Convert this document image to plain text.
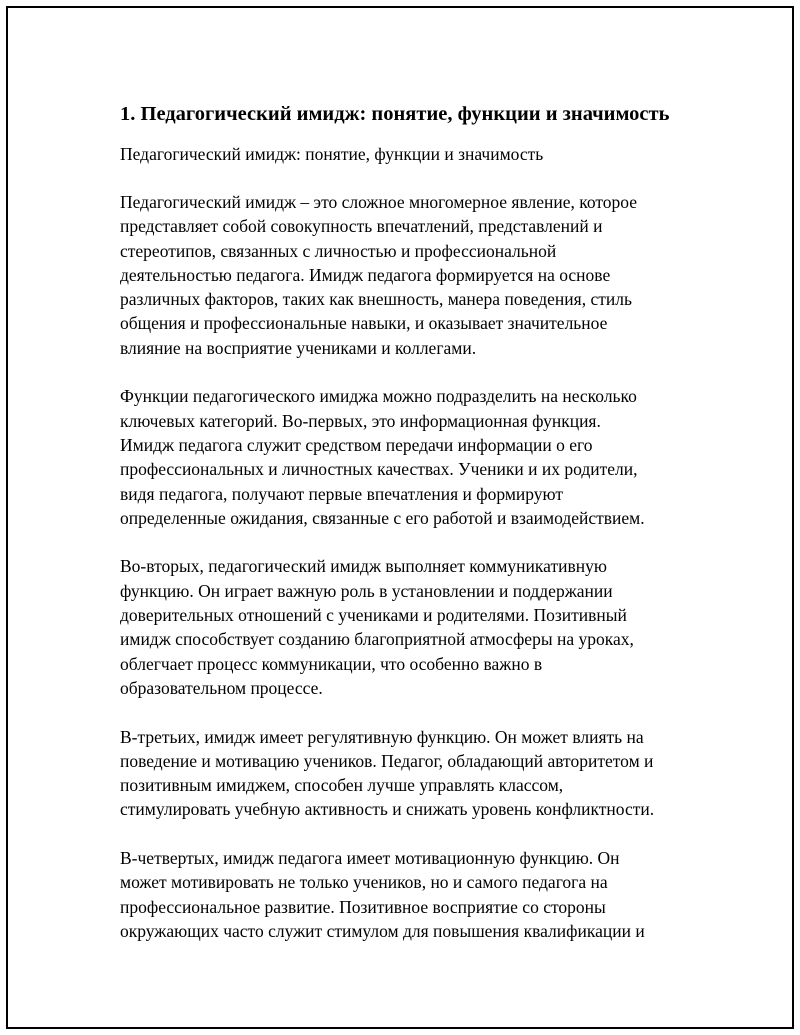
1. Педагогический имидж: понятие, функции и значимость
Педагогический имидж: понятие, функции и значимость
Педагогический имидж – это сложное многомерное явление, которое
представляет собой совокупность впечатлений, представлений и
стереотипов, связанных с личностью и профессиональной
деятельностью педагога. Имидж педагога формируется на основе
различных факторов, таких как внешность, манера поведения, стиль
общения и профессиональные навыки, и оказывает значительное
влияние на восприятие учениками и коллегами.
Функции педагогического имиджа можно подразделить на несколько
ключевых категорий. Во-первых, это информационная функция.
Имидж педагога служит средством передачи информации о его
профессиональных и личностных качествах. Ученики и их родители,
видя педагога, получают первые впечатления и формируют
определенные ожидания, связанные с его работой и взаимодействием.
Во-вторых, педагогический имидж выполняет коммуникативную
функцию. Он играет важную роль в установлении и поддержании
доверительных отношений с учениками и родителями. Позитивный
имидж способствует созданию благоприятной атмосферы на уроках,
облегчает процесс коммуникации, что особенно важно в
образовательном процессе.
В-третьих, имидж имеет регулятивную функцию. Он может влиять на
поведение и мотивацию учеников. Педагог, обладающий авторитетом и
позитивным имиджем, способен лучше управлять классом,
стимулировать учебную активность и снижать уровень конфликтности.
В-четвертых, имидж педагога имеет мотивационную функцию. Он
может мотивировать не только учеников, но и самого педагога на
профессиональное развитие. Позитивное восприятие со стороны
окружающих часто служит стимулом для повышения квалификации и
